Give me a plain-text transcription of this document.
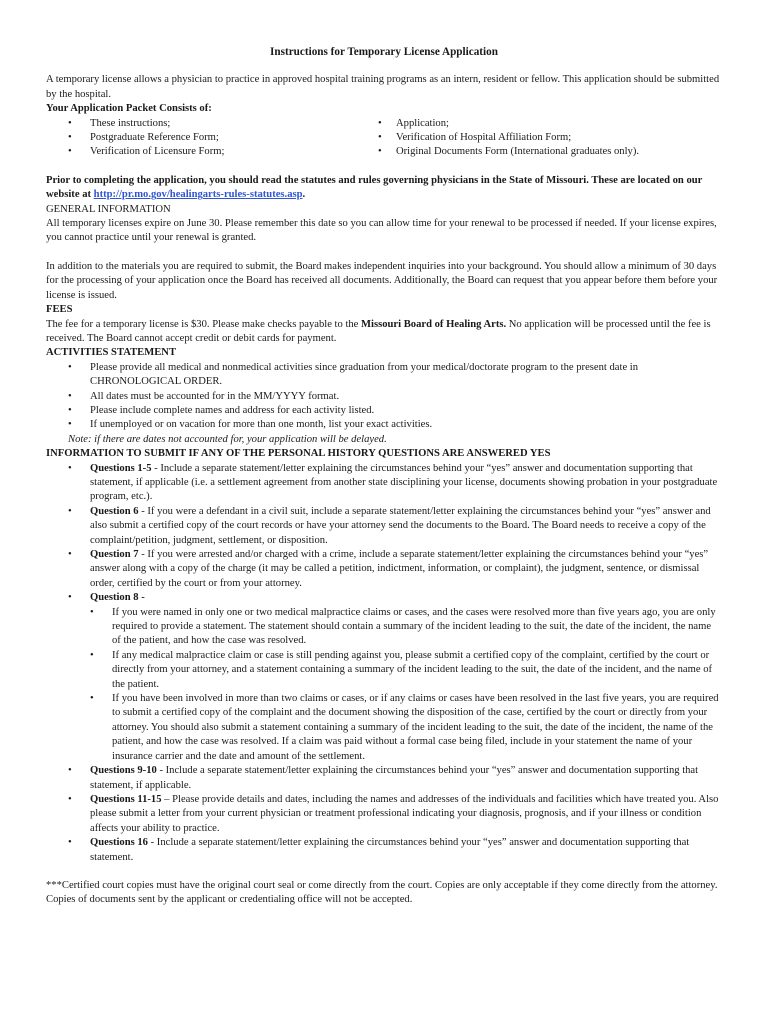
Instructions for Temporary License Application

A temporary license allows a physician to practice in approved hospital training programs as an intern, resident or fellow. This application should be submitted by the hospital.

Your Application Packet Consists of:

• These instructions;
• Postgraduate Reference Form;
• Verification of Licensure Form;
• Application;
• Verification of Hospital Affiliation Form;
• Original Documents Form (International graduates only).

Prior to completing the application, you should read the statutes and rules governing physicians in the State of Missouri. These are located on our website at http://pr.mo.gov/healingarts-rules-statutes.asp.

GENERAL INFORMATION

All temporary licenses expire on June 30. Please remember this date so you can allow time for your renewal to be processed if needed. If your license expires, you cannot practice until your renewal is granted.

In addition to the materials you are required to submit, the Board makes independent inquiries into your background. You should allow a minimum of 30 days for the processing of your application once the Board has received all documents. Additionally, the Board can request that you appear before them before your license is issued.

FEES

The fee for a temporary license is $30. Please make checks payable to the Missouri Board of Healing Arts. No application will be processed until the fee is received. The Board cannot accept credit or debit cards for payment.

ACTIVITIES STATEMENT

• Please provide all medical and nonmedical activities since graduation from your medical/doctorate program to the present date in CHRONOLOGICAL ORDER.
• All dates must be accounted for in the MM/YYYY format.
• Please include complete names and address for each activity listed.
• If unemployed or on vacation for more than one month, list your exact activities.

Note: if there are dates not accounted for, your application will be delayed.

INFORMATION TO SUBMIT IF ANY OF THE PERSONAL HISTORY QUESTIONS ARE ANSWERED YES

• Questions 1-5 - Include a separate statement/letter explaining the circumstances behind your “yes” answer and documentation supporting that statement, if applicable (i.e. a settlement agreement from another state disciplining your license, documents showing probation in your postgraduate program, etc.).
• Question 6 - If you were a defendant in a civil suit, include a separate statement/letter explaining the circumstances behind your “yes” answer and also submit a certified copy of the court records or have your attorney send the documents to the Board. The Board needs to receive a copy of the complaint/petition, judgment, settlement, or disposition.
• Question 7 - If you were arrested and/or charged with a crime, include a separate statement/letter explaining the circumstances behind your “yes” answer along with a copy of the charge (it may be called a petition, indictment, information, or complaint), the judgment, sentence, or dismissal order, certified by the court or from your attorney.
• Question 8 -
• If you were named in only one or two medical malpractice claims or cases, and the cases were resolved more than five years ago, you are only required to provide a statement. The statement should contain a summary of the incident leading to the suit, the date of the incident, the name of the patient, and how the case was resolved.
• If any medical malpractice claim or case is still pending against you, please submit a certified copy of the complaint, certified by the court or directly from your attorney, and a statement containing a summary of the incident leading to the suit, the date of the incident, and the name of the patient.
• If you have been involved in more than two claims or cases, or if any claims or cases have been resolved in the last five years, you are required to submit a certified copy of the complaint and the document showing the disposition of the case, certified by the court or directly from your attorney. You should also submit a statement containing a summary of the incident leading to the suit, the date of the incident, the name of the patient, and how the case was resolved. If a claim was paid without a formal case being filed, include in your statement the name of your insurance carrier and the date and amount of the settlement.
• Questions 9-10 - Include a separate statement/letter explaining the circumstances behind your “yes” answer and documentation supporting that statement, if applicable.
• Questions 11-15 – Please provide details and dates, including the names and addresses of the individuals and facilities which have treated you. Also please submit a letter from your current physician or treatment professional indicating your diagnosis, prognosis, and if your illness or condition affects your ability to practice.
• Questions 16 - Include a separate statement/letter explaining the circumstances behind your “yes” answer and documentation supporting that statement.

***Certified court copies must have the original court seal or come directly from the court. Copies are only acceptable if they come directly from the attorney. Copies of documents sent by the applicant or credentialing office will not be accepted.
